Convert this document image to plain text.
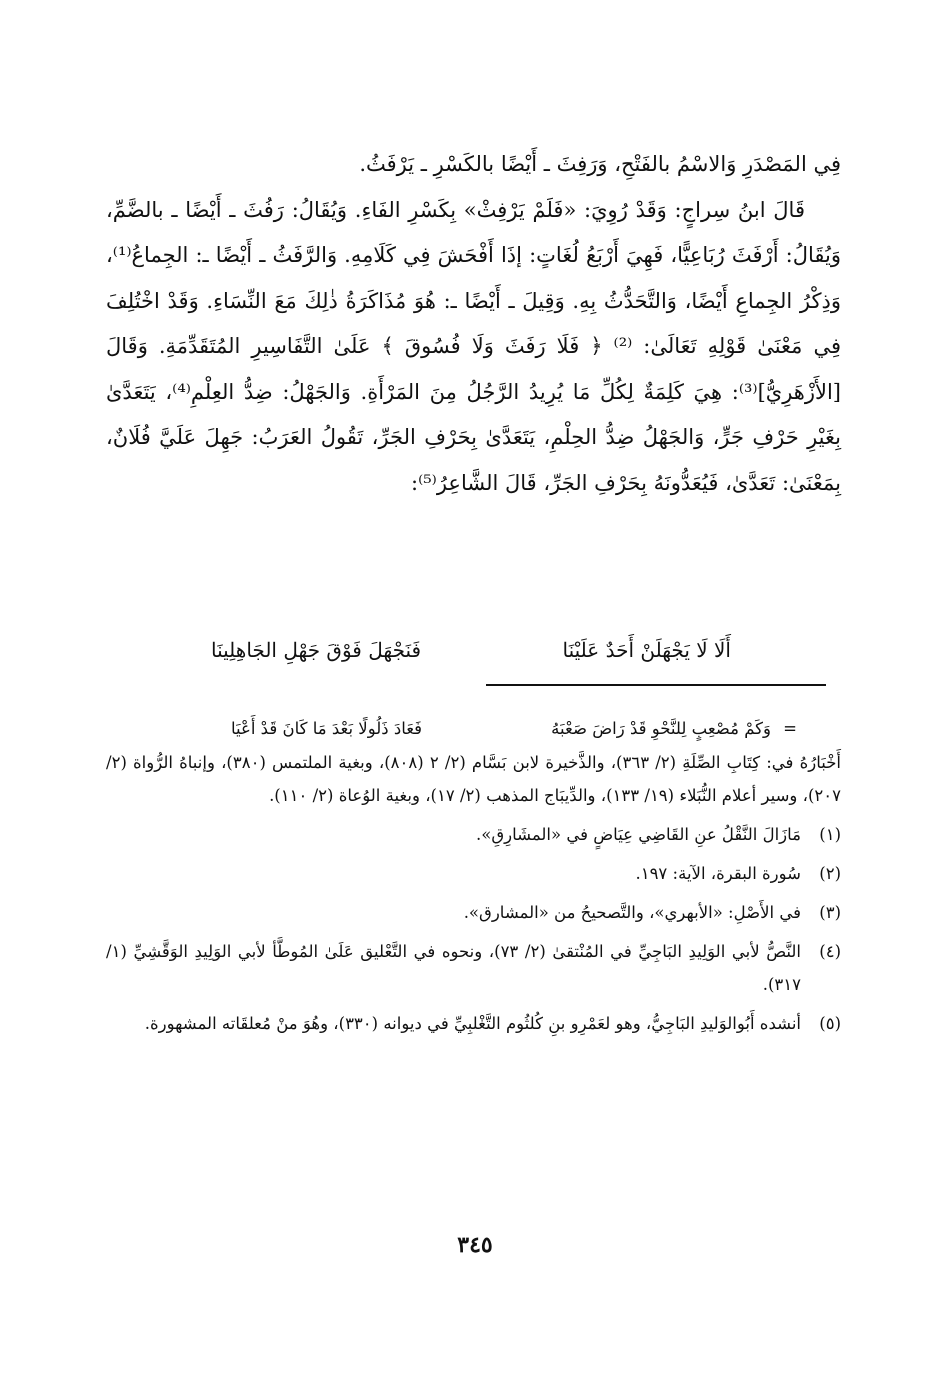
فِي المَصْدَرِ وَالاسْمُ بالفَتْحِ، وَرَفِثَ ـ أَيْضًا بالكَسْرِ ـ يَرْفَثُ.

قَالَ ابنُ سِراجٍ: وَقَدْ رُوِيَ: «فَلَمْ يَرْفِثْ» بِكَسْرِ الفَاءِ. وَيُقَالُ: رَفُثَ ـ أَيْضًا ـ بالضَّمِّ، وَيُقَالُ: أَرْفَثَ رُبَاعِيًّا، فَهِيَ أَرْبَعُ لُغَاتٍ: إذَا أَفْحَشَ فِي كَلَامِهِ. وَالرَّفَثُ ـ أَيْضًا ـ: الجِماعُ⁽¹⁾، وَذِكْرُ الجِماعِ أَيْضًا، وَالتَّحَدُّثُ بِهِ. وَقِيلَ ـ أَيْضًا ـ: هُوَ مُذَاكَرَةُ ذٰلِكَ مَعَ النِّسَاءِ. وَقَدْ اخْتُلِفَ فِي مَعْنَىٰ قَوْلِهِ تَعَالَىٰ: ⁽²⁾ ﴿ فَلَا رَفَثَ وَلَا فُسُوقَ ﴾ عَلَىٰ التَّفَاسِيرِ المُتَقَدِّمَةِ. وَقَالَ [الأَزْهَرِيُّ]⁽³⁾: هِيَ كَلِمَةٌ لِكُلِّ مَا يُرِيدُ الرَّجُلُ مِنَ المَرْأَةِ. وَالجَهْلُ: ضِدُّ العِلْمِ⁽⁴⁾، يَتَعَدَّىٰ بِغَيْرِ حَرْفِ جَرٍّ، وَالجَهْلُ ضِدُّ الحِلْمِ، يَتَعَدَّىٰ بِحَرْفِ الجَرِّ، تَقُولُ العَرَبُ: جَهِلَ عَلَيَّ فُلَانٌ، بِمَعْنَىٰ: تَعَدَّىٰ، فَيُعَدُّونَهُ بِحَرْفِ الجَرِّ، قَالَ الشَّاعِرُ⁽⁵⁾:

أَلَا لَا يَجْهَلَنْ أَحَدٌ عَلَيْنَا
فَنَجْهَلَ فَوْقَ جَهْلِ الجَاهِلِينَا
=
وَكَمْ مُصْعِبٍ لِلنَّحْوِ قَدْ رَاضَ صَعْبَهُ
فَعَادَ ذَلُولًا بَعْدَ مَا كَانَ قَدْ أَعْيَا

أَخْبَارُهُ في: كِتَابِ الصِّلَةِ (٢/ ٣٦٣)، والذَّخيرة لابن بَسَّام (٢/ ٢ (٨٠٨)، وبغية الملتمس (٣٨٠)، وإنباهُ الرُّواة (٢/ ٢٠٧)، وسير أعلام النُّبَلاء (١٩/ ١٣٣)، والدِّيبَاج المذهب (٢/ ١٧)، وبغية الوُعاة (٢/ ١١٠).

(١)
مَازَالَ النَّقْلُ عنِ القَاضِي عِيَاضٍ في «المشَارِقِ».
(٢)
سُورة البقرة، الآية: ١٩٧.
(٣)
في الأَصْلِ: «الأبهري»، والتَّصحيحُ من «المشارق».
(٤)
النَّصُّ لأبي الوَلِيدِ البَاجِيِّ في المُنْتقىٰ (٢/ ٧٣)، ونحوه في التَّعْليق عَلَىٰ المُوطَّأ لأبي الوَلِيدِ الوَقَّشِيِّ (١/ ٣١٧).
(٥)
أنشده أَبُوالوَليدِ البَاجِيُّ، وهو لعَمْرِو بنِ كُلثُوم التَّغْلبِيِّ في ديوانه (٣٣٠)، وهُوَ منْ مُعلقَاته المشهورة.
٣٤٥
